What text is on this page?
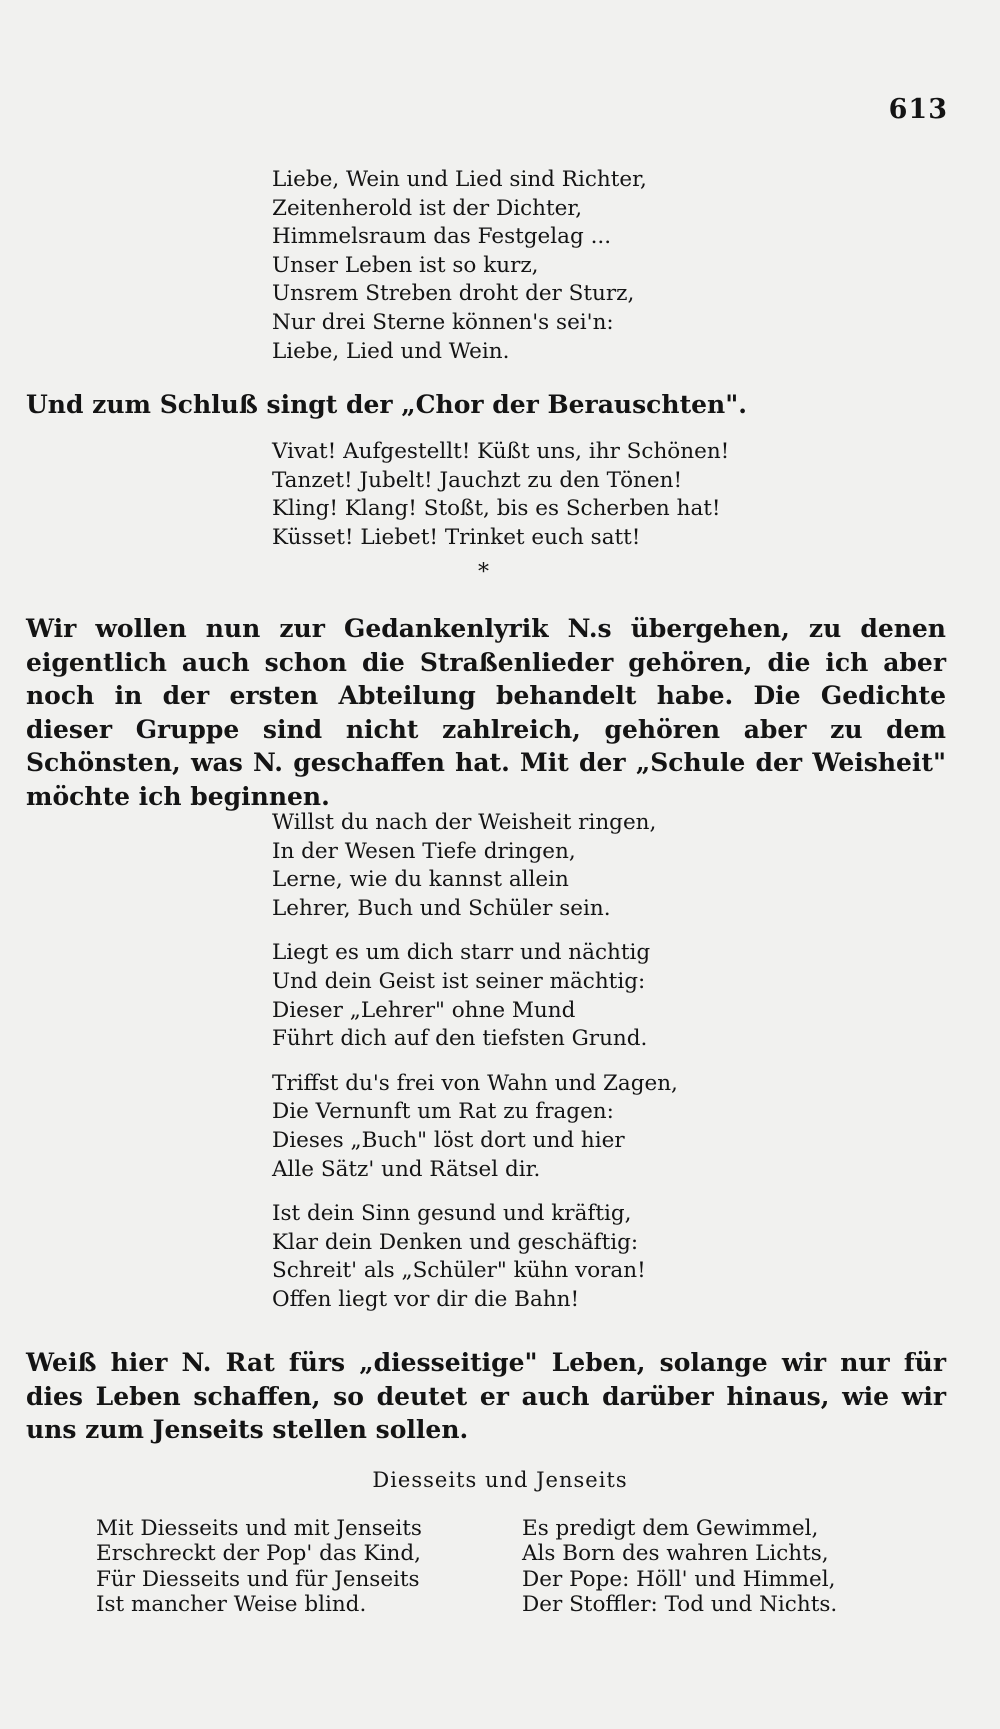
613
Liebe, Wein und Lied sind Richter,
Zeitenherold ist der Dichter,
Himmelsraum das Festgelag ...
Unser Leben ist so kurz,
Unsrem Streben droht der Sturz,
Nur drei Sterne können's sei'n:
Liebe, Lied und Wein.
Und zum Schluß singt der „Chor der Berauschten".
Vivat! Aufgestellt! Küßt uns, ihr Schönen!
Tanzet! Jubelt! Jauchzt zu den Tönen!
Kling! Klang! Stoßt, bis es Scherben hat!
Küsset! Liebet! Trinket euch satt!
*
Wir wollen nun zur Gedankenlyrik N.s übergehen, zu denen eigentlich auch schon die Straßenlieder gehören, die ich aber noch in der ersten Abteilung behandelt habe. Die Gedichte dieser Gruppe sind nicht zahlreich, gehören aber zu dem Schönsten, was N. geschaffen hat. Mit der „Schule der Weisheit" möchte ich beginnen.
Willst du nach der Weisheit ringen,
In der Wesen Tiefe dringen,
Lerne, wie du kannst allein
Lehrer, Buch und Schüler sein.
Liegt es um dich starr und nächtig
Und dein Geist ist seiner mächtig:
Dieser „Lehrer" ohne Mund
Führt dich auf den tiefsten Grund.
Triffst du's frei von Wahn und Zagen,
Die Vernunft um Rat zu fragen:
Dieses „Buch" löst dort und hier
Alle Sätz' und Rätsel dir.
Ist dein Sinn gesund und kräftig,
Klar dein Denken und geschäftig:
Schreit' als „Schüler" kühn voran!
Offen liegt vor dir die Bahn!
Weiß hier N. Rat fürs „diesseitige" Leben, solange wir nur für dies Leben schaffen, so deutet er auch darüber hinaus, wie wir uns zum Jenseits stellen sollen.
Diesseits und Jenseits
Mit Diesseits und mit Jenseits
Erschreckt der Pop' das Kind,
Für Diesseits und für Jenseits
Ist mancher Weise blind.
Es predigt dem Gewimmel,
Als Born des wahren Lichts,
Der Pope: Höll' und Himmel,
Der Stoffler: Tod und Nichts.
